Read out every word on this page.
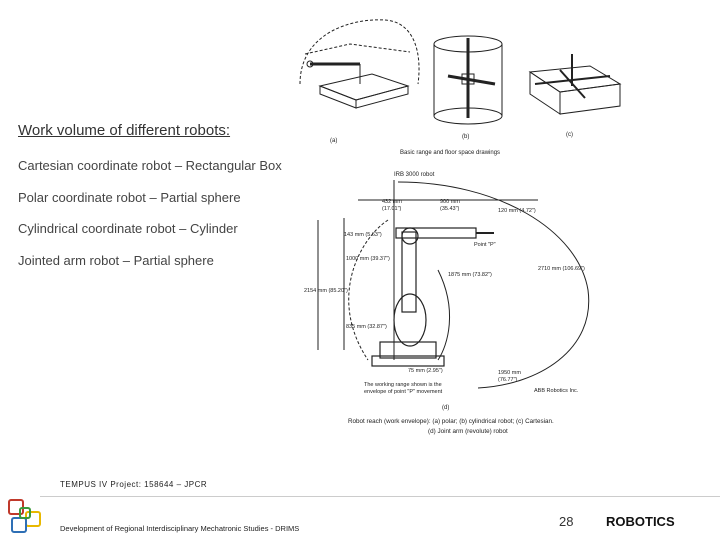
Work volume of different robots:
Cartesian coordinate robot – Rectangular Box
Polar coordinate robot – Partial sphere
Cylindrical coordinate robot – Cylinder
Jointed arm robot – Partial sphere
(a)
(b)	(c)
Basic range and floor space drawings
IRB 3000 robot
432 mm
(17.01")
900 mm
(35.43")	120 mm (4.72")
143 mm (5.63")
Point "P"
1000 mm (39.37")
1875 mm (73.82")
2710 mm (106.69")
2154 mm (85.20")
835 mm (32.87")
75 mm (2.95")	1950 mm
(76.77")
The working range shown is the
envelope of point "P" movement	ABB Robotics Inc.
(d)
Robot reach (work envelope): (a) polar; (b) cylindrical robot; (c) Cartesian.
(d) Joint arm (revolute) robot
TEMPUS IV Project: 158644 – JPCR
Development of Regional Interdisciplinary Mechatronic Studies - DRIMS	28	ROBOTICS
